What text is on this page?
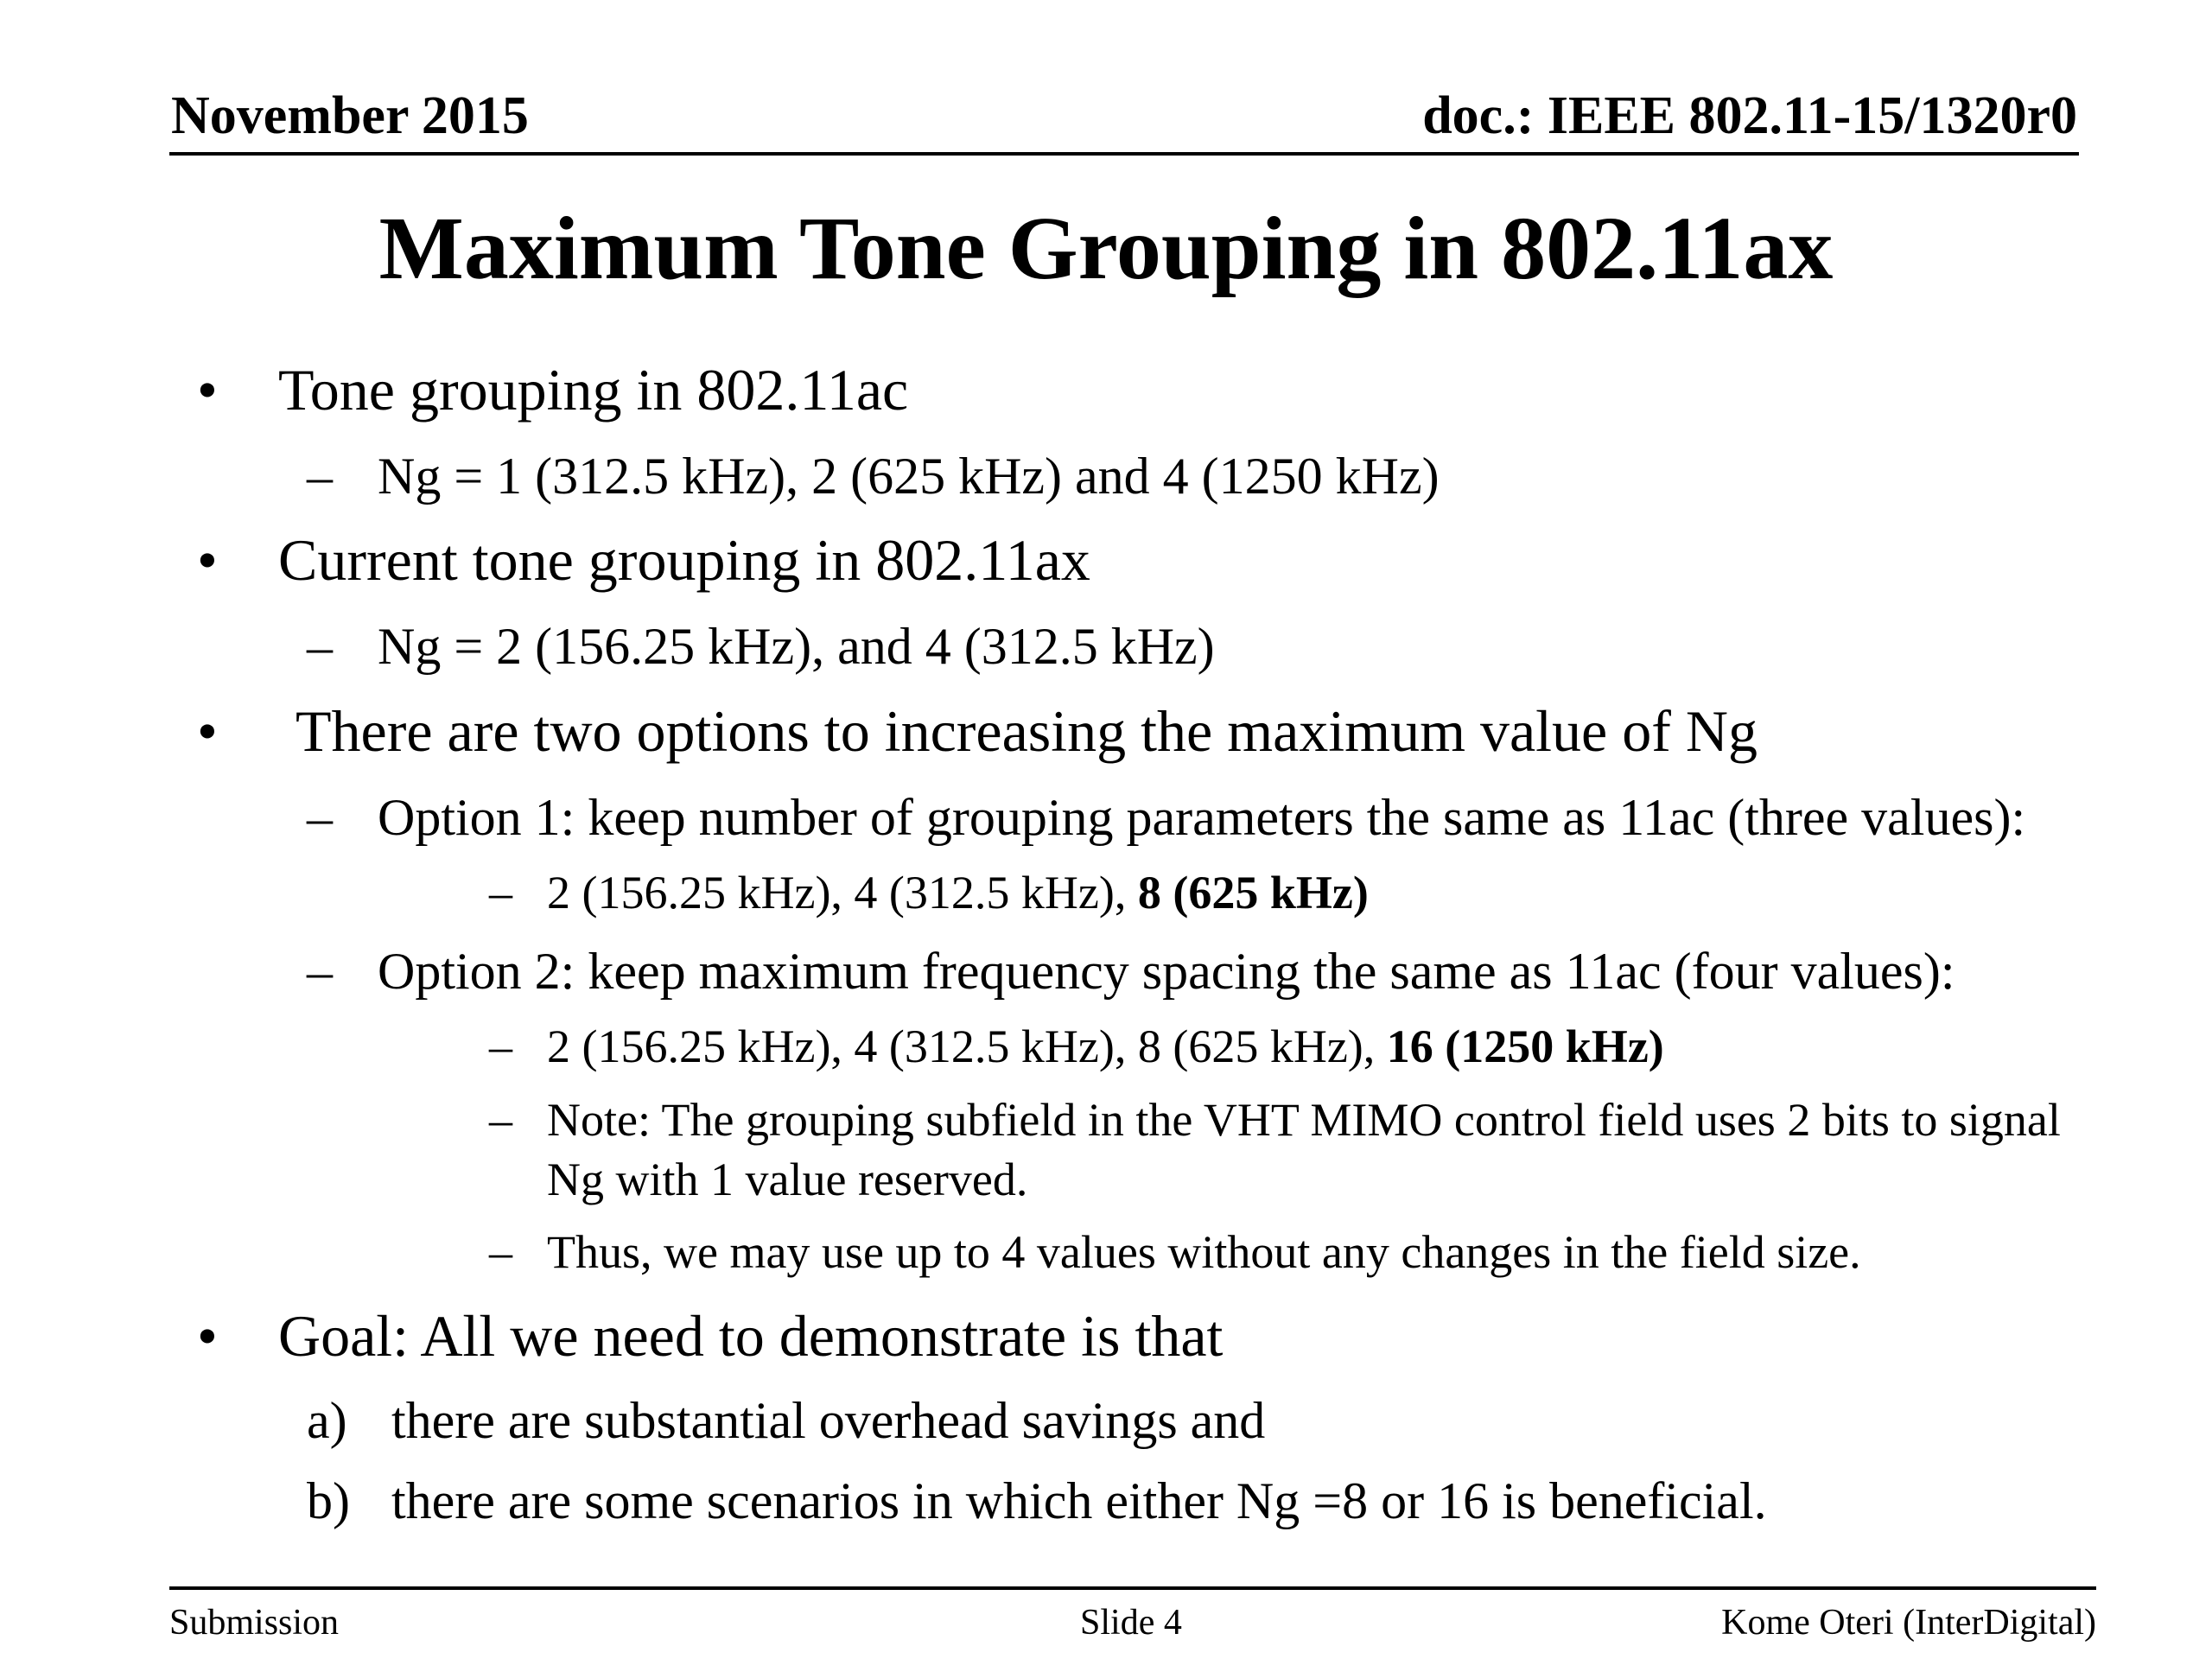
November 2015	doc.: IEEE 802.11-15/1320r0
Maximum Tone Grouping in 802.11ax
• Tone grouping in 802.11ac
– Ng = 1 (312.5 kHz), 2 (625 kHz) and 4 (1250 kHz)
• Current tone grouping in 802.11ax
– Ng = 2 (156.25 kHz), and 4 (312.5 kHz)
• There are two options to increasing the maximum value of Ng
– Option 1: keep number of grouping parameters the same as 11ac (three values):
– 2 (156.25 kHz), 4 (312.5 kHz), 8 (625 kHz)
– Option 2: keep maximum frequency spacing the same as 11ac (four values):
– 2 (156.25 kHz), 4 (312.5 kHz), 8 (625 kHz), 16 (1250 kHz)
– Note: The grouping subfield in the VHT MIMO control field uses 2 bits to signal
Ng with 1 value reserved.
– Thus, we may use up to 4 values without any changes in the field size.
• Goal: All we need to demonstrate is that
a) there are substantial overhead savings and
b) there are some scenarios in which either Ng =8 or 16 is beneficial.
Submission	Slide 4	Kome Oteri (InterDigital)
